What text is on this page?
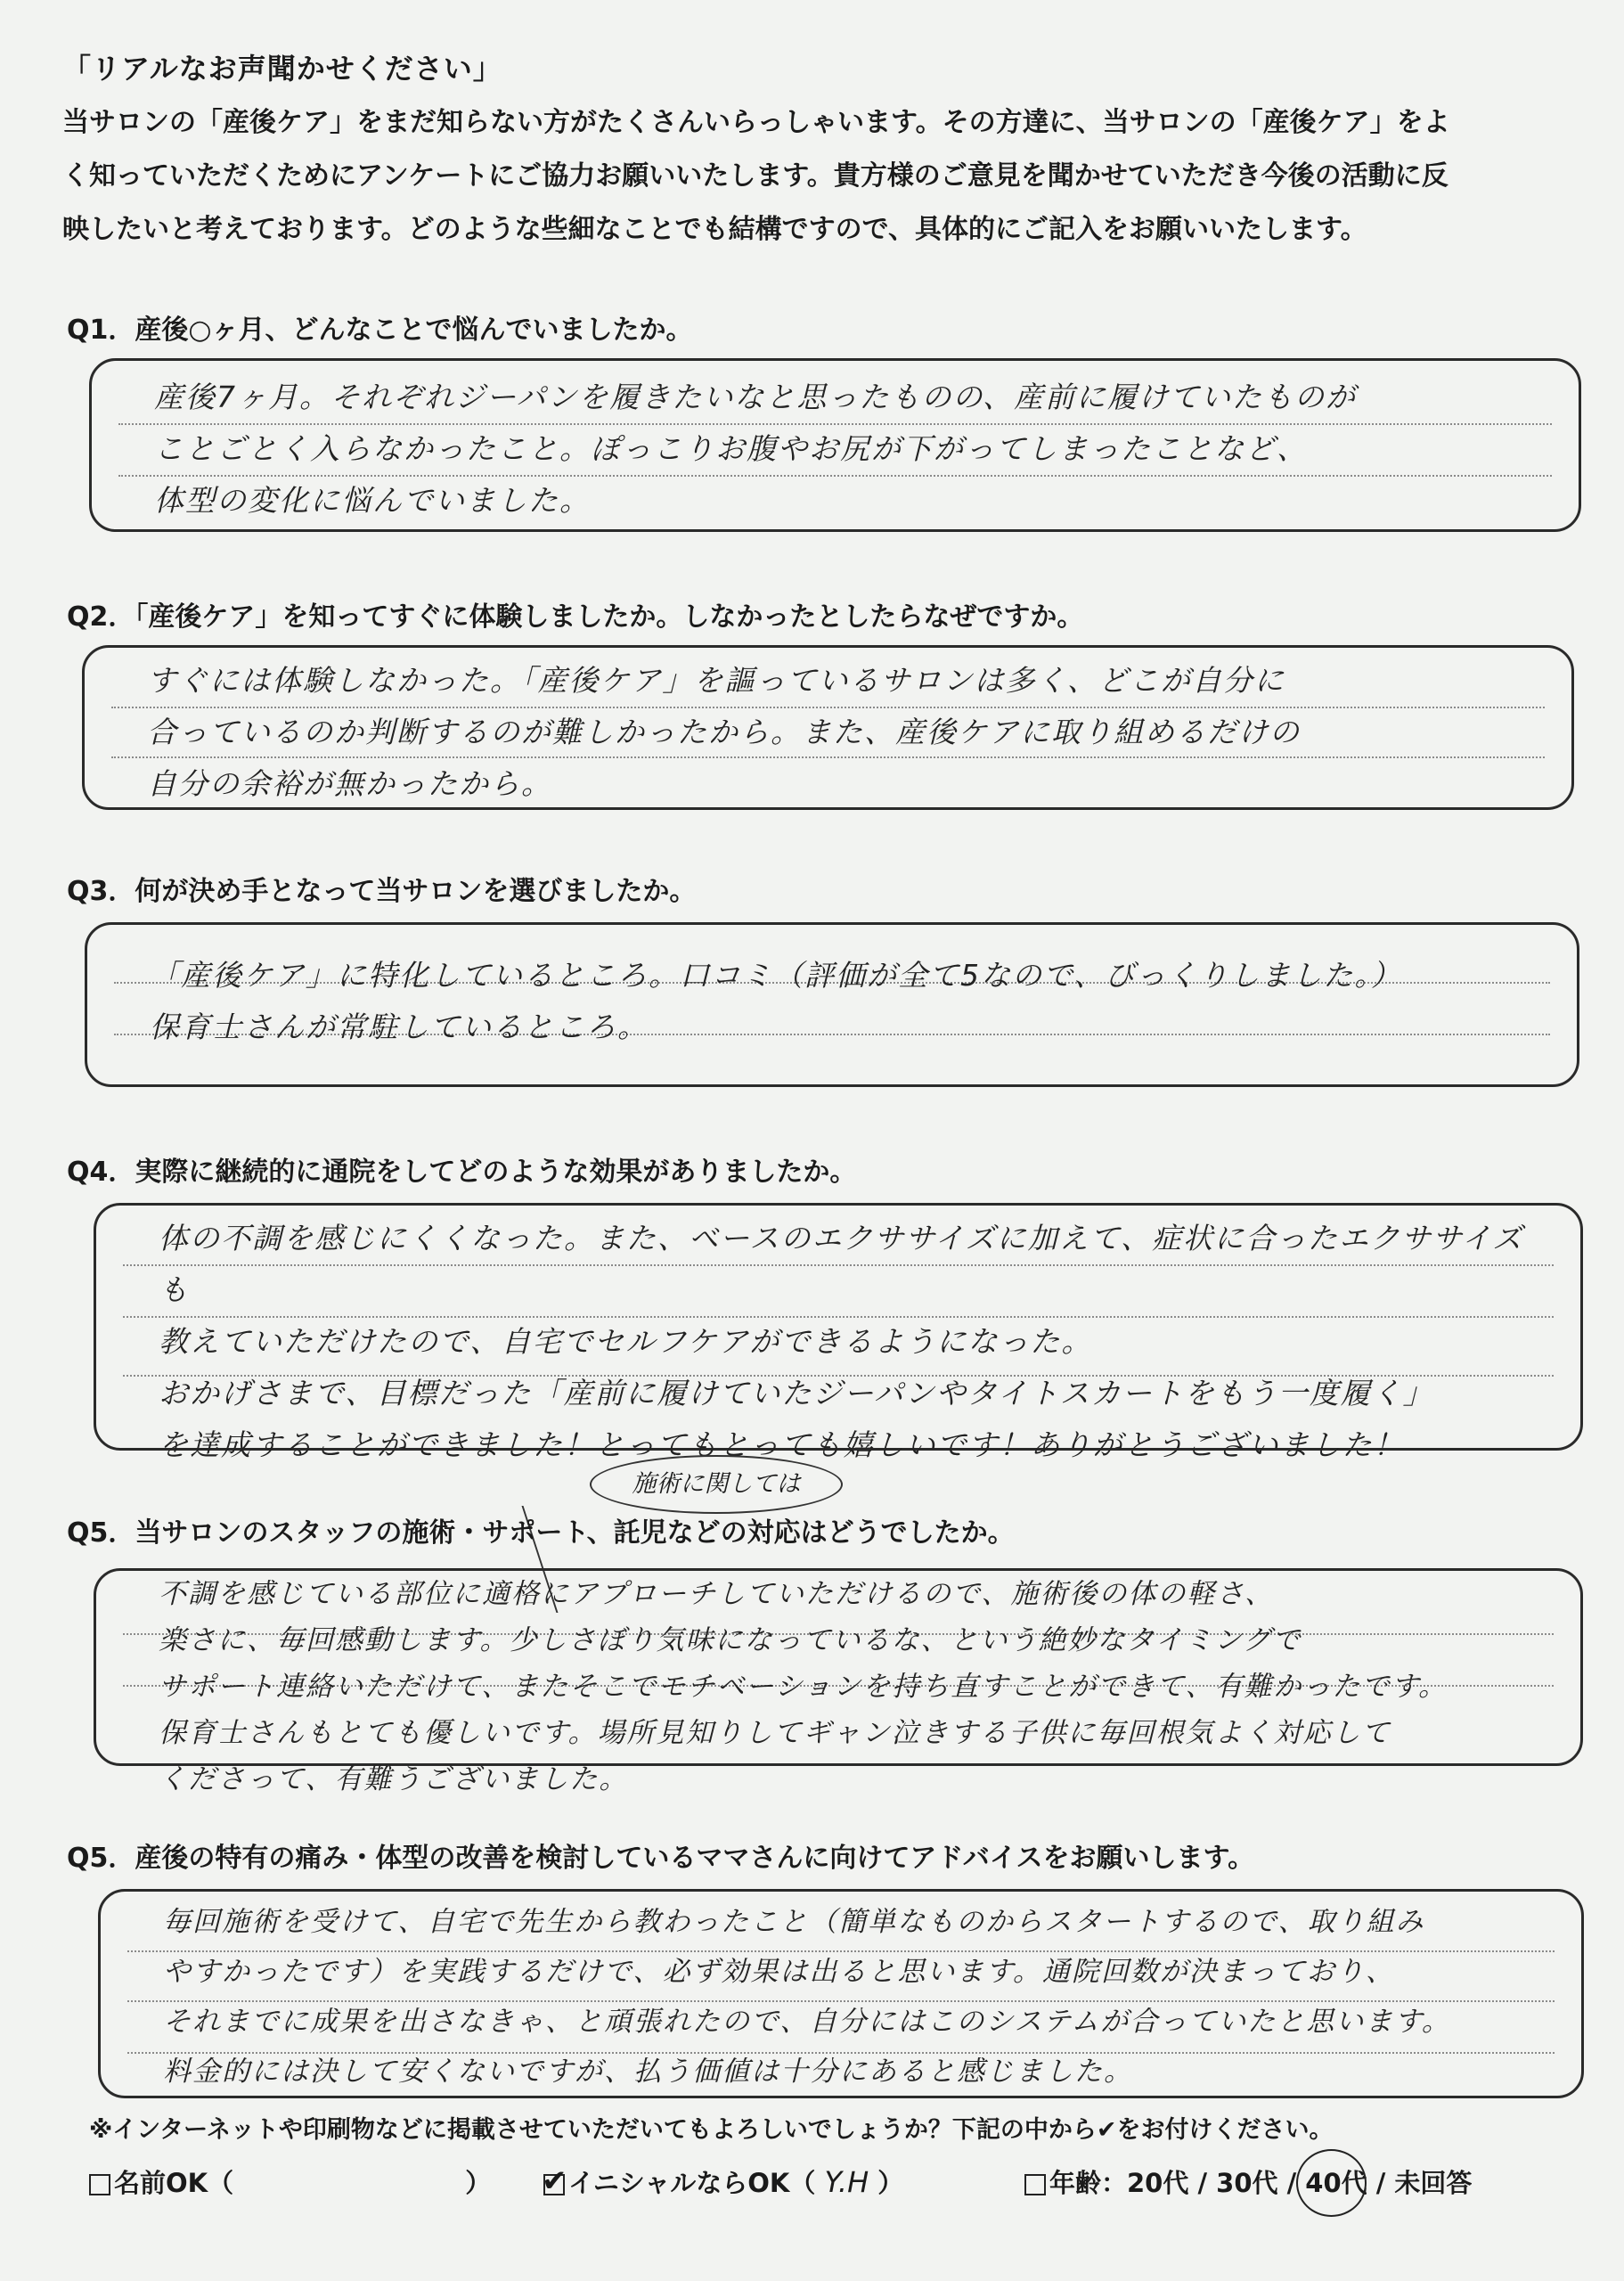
「リアルなお声聞かせください」
当サロンの「産後ケア」をまだ知らない方がたくさんいらっしゃいます。その方達に、当サロンの「産後ケア」をよ
く知っていただくためにアンケートにご協力お願いいたします。貴方様のご意見を聞かせていただき今後の活動に反
映したいと考えております。どのような些細なことでも結構ですので、具体的にご記入をお願いいたします。
Q1．産後○ヶ月、どんなことで悩んでいましたか。
産後7ヶ月。それぞれジーパンを履きたいなと思ったものの、産前に履けていたものが
ことごとく入らなかったこと。ぽっこりお腹やお尻が下がってしまったことなど、
体型の変化に悩んでいました。
Q2．「産後ケア」を知ってすぐに体験しましたか。しなかったとしたらなぜですか。
すぐには体験しなかった。「産後ケア」を謳っているサロンは多く、どこが自分に
合っているのか判断するのが難しかったから。また、産後ケアに取り組めるだけの
自分の余裕が無かったから。
Q3．何が決め手となって当サロンを選びましたか。
「産後ケア」に特化しているところ。口コミ（評価が全て5なので、びっくりしました。）
保育士さんが常駐しているところ。
Q4．実際に継続的に通院をしてどのような効果がありましたか。
体の不調を感じにくくなった。また、ベースのエクササイズに加えて、症状に合ったエクササイズも
教えていただけたので、自宅でセルフケアができるようになった。
おかげさまで、目標だった「産前に履けていたジーパンやタイトスカートをもう一度履く」
を達成することができました！とってもとっても嬉しいです！ありがとうございました！
施術に関しては
Q5．当サロンのスタッフの施術・サポート、託児などの対応はどうでしたか。
不調を感じている部位に適格にアプローチしていただけるので、施術後の体の軽さ、
楽さに、毎回感動します。少しさぼり気味になっているな、という絶妙なタイミングで
サポート連絡いただけて、またそこでモチベーションを持ち直すことができて、有難かったです。
保育士さんもとても優しいです。場所見知りしてギャン泣きする子供に毎回根気よく対応して
くださって、有難うございました。
Q5．産後の特有の痛み・体型の改善を検討しているママさんに向けてアドバイスをお願いします。
毎回施術を受けて、自宅で先生から教わったこと（簡単なものからスタートするので、取り組み
やすかったです）を実践するだけで、必ず効果は出ると思います。通院回数が決まっており、
それまでに成果を出さなきゃ、と頑張れたので、自分にはこのシステムが合っていたと思います。
料金的には決して安くないですが、払う価値は十分にあると感じました。
※インターネットや印刷物などに掲載させていただいてもよろしいでしょうか？下記の中から✔をお付けください。
名前OK（	） ✔ イニシャルならOK（ Y.H ）	年齢：20代 / 30代 / 40代 / 未回答
